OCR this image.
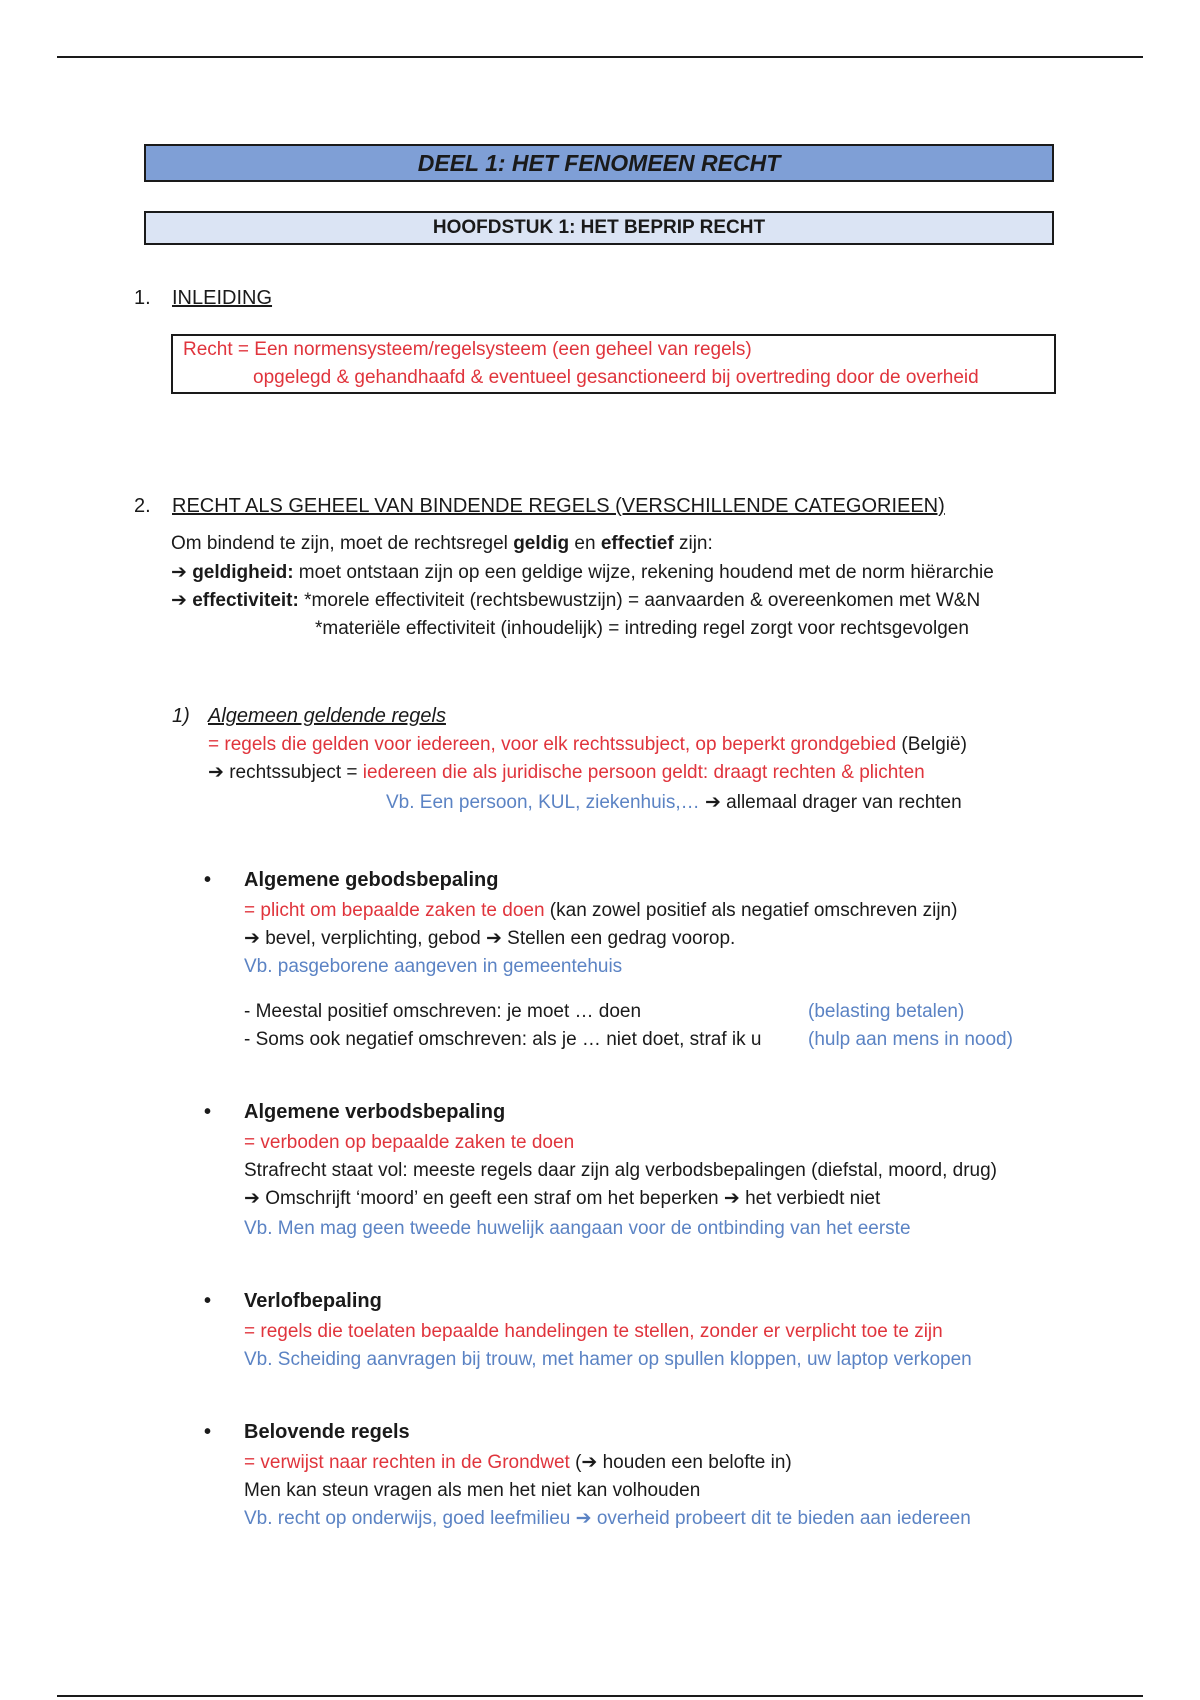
DEEL 1: HET FENOMEEN RECHT
HOOFDSTUK 1: HET BEPRIP RECHT
1. INLEIDING
Recht = Een normensysteem/regelsysteem (een geheel van regels)
opgelegd & gehandhaafd & eventueel gesanctioneerd bij overtreding door de overheid
2. RECHT ALS GEHEEL VAN BINDENDE REGELS (VERSCHILLENDE CATEGORIEEN)
Om bindend te zijn, moet de rechtsregel geldig en effectief zijn:
➔ geldigheid: moet ontstaan zijn op een geldige wijze, rekening houdend met de norm hiërarchie
➔ effectiviteit: *morele effectiviteit (rechtsbewustzijn) = aanvaarden & overeenkomen met W&N
*materiële effectiviteit (inhoudelijk) = intreding regel zorgt voor rechtsgevolgen
1) Algemeen geldende regels
= regels die gelden voor iedereen, voor elk rechtssubject, op beperkt grondgebied (België)
➔ rechtssubject = iedereen die als juridische persoon geldt: draagt rechten & plichten
Vb. Een persoon, KUL, ziekenhuis,… ➔ allemaal drager van rechten
• Algemene gebodsbepaling
= plicht om bepaalde zaken te doen (kan zowel positief als negatief omschreven zijn)
➔ bevel, verplichting, gebod ➔ Stellen een gedrag voorop.
Vb. pasgeborene aangeven in gemeentehuis
- Meestal positief omschreven: je moet … doen	(belasting betalen)
- Soms ook negatief omschreven: als je … niet doet, straf ik u (hulp aan mens in nood)
• Algemene verbodsbepaling
= verboden op bepaalde zaken te doen
Strafrecht staat vol: meeste regels daar zijn alg verbodsbepalingen (diefstal, moord, drug)
➔ Omschrijft ‘moord’ en geeft een straf om het beperken ➔ het verbiedt niet
Vb. Men mag geen tweede huwelijk aangaan voor de ontbinding van het eerste
• Verlofbepaling
= regels die toelaten bepaalde handelingen te stellen, zonder er verplicht toe te zijn
Vb. Scheiding aanvragen bij trouw, met hamer op spullen kloppen, uw laptop verkopen
• Belovende regels
= verwijst naar rechten in de Grondwet (➔ houden een belofte in)
Men kan steun vragen als men het niet kan volhouden
Vb. recht op onderwijs, goed leefmilieu ➔ overheid probeert dit te bieden aan iedereen
